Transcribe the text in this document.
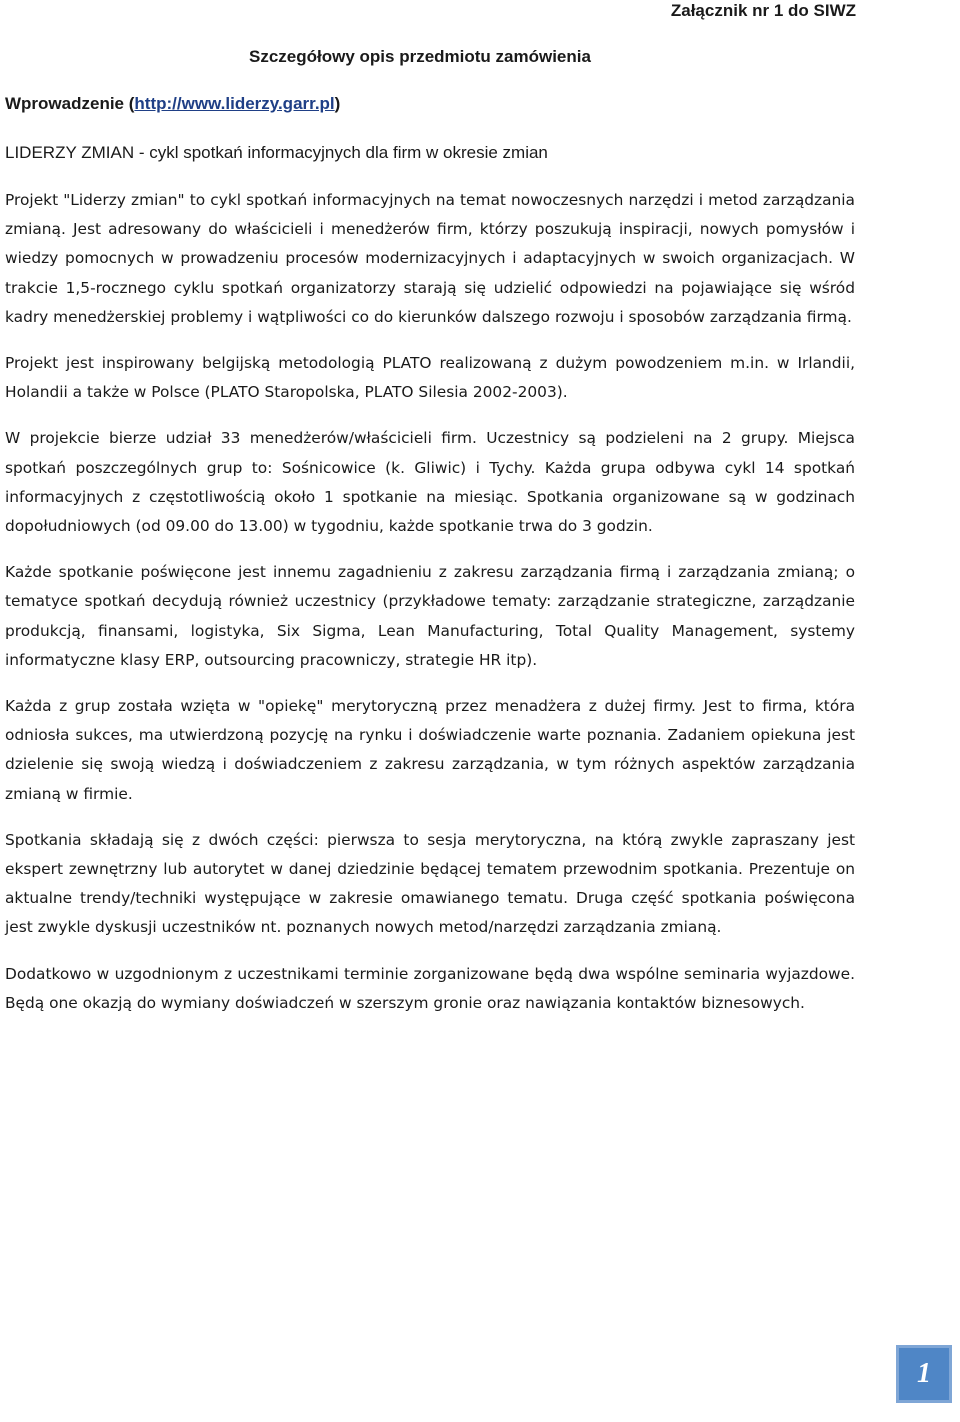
Załącznik nr 1 do SIWZ
Szczegółowy opis przedmiotu zamówienia
Wprowadzenie (http://www.liderzy.garr.pl)
LIDERZY ZMIAN - cykl spotkań informacyjnych dla firm w okresie zmian

Projekt "Liderzy zmian" to cykl spotkań informacyjnych na temat nowoczesnych narzędzi i metod zarządzania zmianą. Jest adresowany do właścicieli i menedżerów firm, którzy poszukują inspiracji, nowych pomysłów i wiedzy pomocnych w prowadzeniu procesów modernizacyjnych i adaptacyjnych w swoich organizacjach. W trakcie 1,5-rocznego cyklu spotkań organizatorzy starają się udzielić odpowiedzi na pojawiające się wśród kadry menedżerskiej problemy i wątpliwości co do kierunków dalszego rozwoju i sposobów zarządzania firmą.

Projekt jest inspirowany belgijską metodologią PLATO realizowaną z dużym powodzeniem m.in. w Irlandii, Holandii a także w Polsce (PLATO Staropolska, PLATO Silesia 2002-2003).

W projekcie bierze udział 33 menedżerów/właścicieli firm. Uczestnicy są podzieleni na 2 grupy. Miejsca spotkań poszczególnych grup to: Sośnicowice (k. Gliwic) i Tychy. Każda grupa odbywa cykl 14 spotkań informacyjnych z częstotliwością około 1 spotkanie na miesiąc. Spotkania organizowane są w godzinach dopołudniowych (od 09.00 do 13.00) w tygodniu, każde spotkanie trwa do 3 godzin.

Każde spotkanie poświęcone jest innemu zagadnieniu z zakresu zarządzania firmą i zarządzania zmianą; o tematyce spotkań decydują również uczestnicy (przykładowe tematy: zarządzanie strategiczne, zarządzanie produkcją, finansami, logistyka, Six Sigma, Lean Manufacturing, Total Quality Management, systemy informatyczne klasy ERP, outsourcing pracowniczy, strategie HR itp).

Każda z grup została wzięta w "opiekę" merytoryczną przez menadżera z dużej firmy. Jest to firma, która odniosła sukces, ma utwierdzoną pozycję na rynku i doświadczenie warte poznania. Zadaniem opiekuna jest dzielenie się swoją wiedzą i doświadczeniem z zakresu zarządzania, w tym różnych aspektów zarządzania zmianą w firmie.

Spotkania składają się z dwóch części: pierwsza to sesja merytoryczna, na którą zwykle zapraszany jest ekspert zewnętrzny lub autorytet w danej dziedzinie będącej tematem przewodnim spotkania. Prezentuje on aktualne trendy/techniki występujące w zakresie omawianego tematu. Druga część spotkania poświęcona jest zwykle dyskusji uczestników nt. poznanych nowych metod/narzędzi zarządzania zmianą.

Dodatkowo w uzgodnionym z uczestnikami terminie zorganizowane będą dwa wspólne seminaria wyjazdowe. Będą one okazją do wymiany doświadczeń w szerszym gronie oraz nawiązania kontaktów biznesowych.

1
